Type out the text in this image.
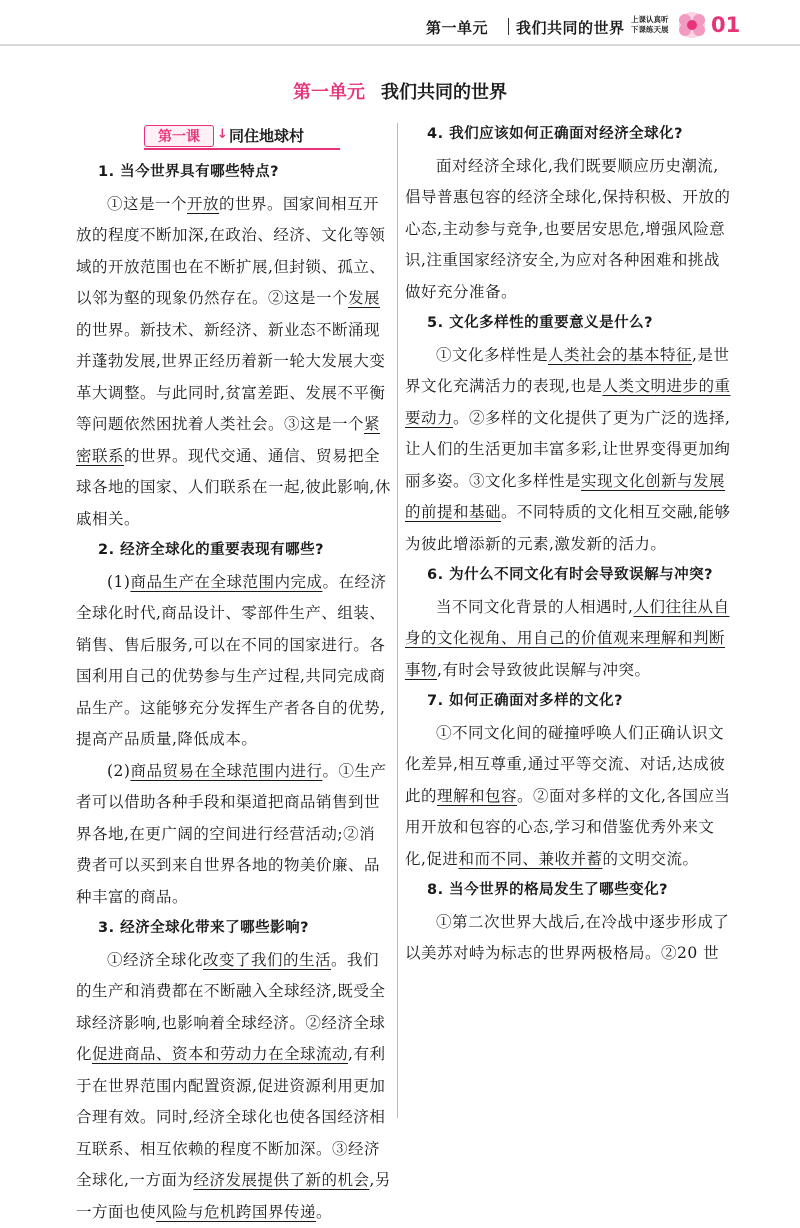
第一单元 我们共同的世界 上课认真听
下课练天展 01
第一单元 我们共同的世界
第一课	↓ 同住地球村
1. 当今世界具有哪些特点?

①这是一个开放的世界。国家间相互开放的程度不断加深,在政治、经济、文化等领域的开放范围也在不断扩展,但封锁、孤立、以邻为壑的现象仍然存在。②这是一个发展的世界。新技术、新经济、新业态不断涌现并蓬勃发展,世界正经历着新一轮大发展大变革大调整。与此同时,贫富差距、发展不平衡等问题依然困扰着人类社会。③这是一个紧密联系的世界。现代交通、通信、贸易把全球各地的国家、人们联系在一起,彼此影响,休戚相关。

2. 经济全球化的重要表现有哪些?

(1)商品生产在全球范围内完成。在经济全球化时代,商品设计、零部件生产、组装、销售、售后服务,可以在不同的国家进行。各国利用自己的优势参与生产过程,共同完成商品生产。这能够充分发挥生产者各自的优势,提高产品质量,降低成本。

(2)商品贸易在全球范围内进行。①生产者可以借助各种手段和渠道把商品销售到世界各地,在更广阔的空间进行经营活动;②消费者可以买到来自世界各地的物美价廉、品种丰富的商品。

3. 经济全球化带来了哪些影响?

①经济全球化改变了我们的生活。我们的生产和消费都在不断融入全球经济,既受全球经济影响,也影响着全球经济。②经济全球化促进商品、资本和劳动力在全球流动,有利于在世界范围内配置资源,促进资源利用更加合理有效。同时,经济全球化也使各国经济相互联系、相互依赖的程度不断加深。③经济全球化,一方面为经济发展提供了新的机会,另一方面也使风险与危机跨国界传递。

4. 我们应该如何正确面对经济全球化?

面对经济全球化,我们既要顺应历史潮流,倡导普惠包容的经济全球化,保持积极、开放的心态,主动参与竞争,也要居安思危,增强风险意识,注重国家经济安全,为应对各种困难和挑战做好充分准备。

5. 文化多样性的重要意义是什么?

①文化多样性是人类社会的基本特征,是世界文化充满活力的表现,也是人类文明进步的重要动力。②多样的文化提供了更为广泛的选择,让人们的生活更加丰富多彩,让世界变得更加绚丽多姿。③文化多样性是实现文化创新与发展的前提和基础。不同特质的文化相互交融,能够为彼此增添新的元素,激发新的活力。

6. 为什么不同文化有时会导致误解与冲突?

当不同文化背景的人相遇时,人们往往从自身的文化视角、用自己的价值观来理解和判断事物,有时会导致彼此误解与冲突。

7. 如何正确面对多样的文化?

①不同文化间的碰撞呼唤人们正确认识文化差异,相互尊重,通过平等交流、对话,达成彼此的理解和包容。②面对多样的文化,各国应当用开放和包容的心态,学习和借鉴优秀外来文化,促进和而不同、兼收并蓄的文明交流。

8. 当今世界的格局发生了哪些变化?

①第二次世界大战后,在冷战中逐步形成了以美苏对峙为标志的世界两极格局。②20 世
